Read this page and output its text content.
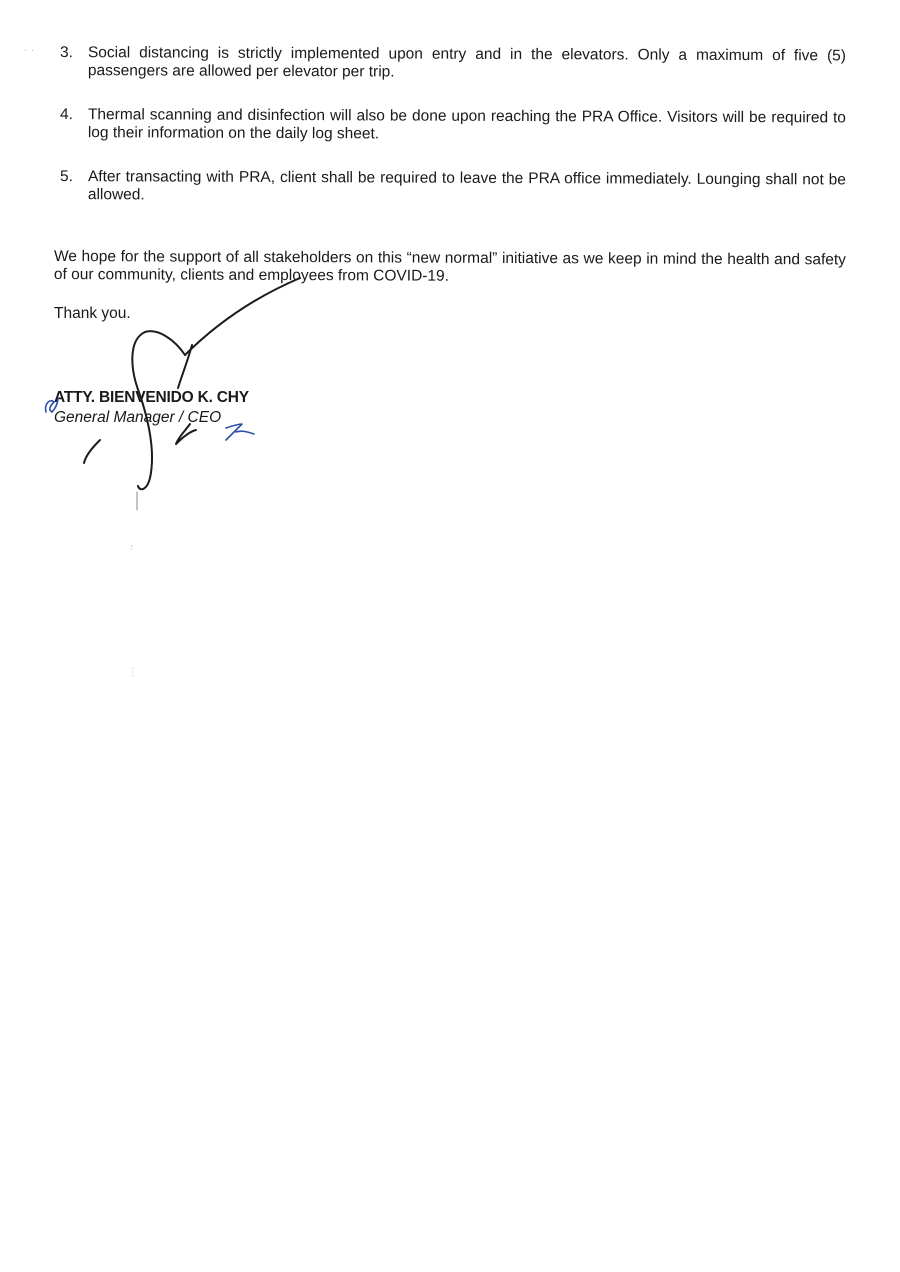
·  ·	3. Social distancing is strictly implemented upon entry and in the elevators. Only a maximum of five (5) passengers are allowed per elevator per trip.
4. Thermal scanning and disinfection will also be done upon reaching the PRA Office. Visitors will be required to log their information on the daily log sheet.
5. After transacting with PRA, client shall be required to leave the PRA office immediately. Lounging shall not be allowed.

We hope for the support of all stakeholders on this “new normal” initiative as we keep in mind the health and safety of our community, clients and employees from COVID-19.

Thank you.

ATTY. BIENVENIDO K. CHY

General Manager / CEO
